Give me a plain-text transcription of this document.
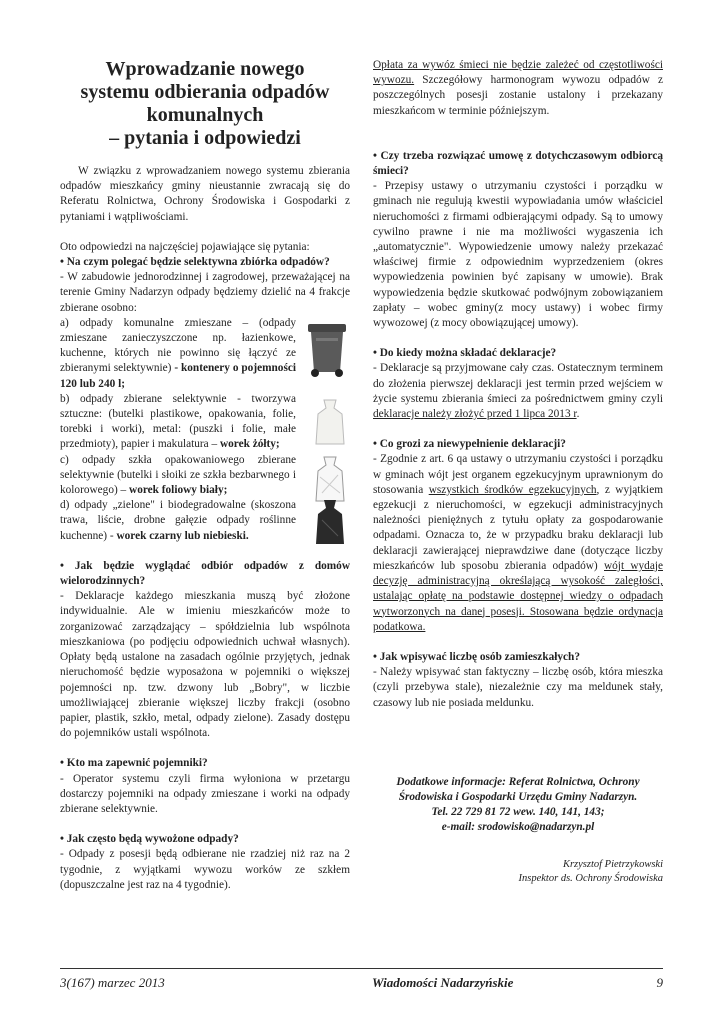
Wprowadzanie nowego
systemu odbierania odpadów
komunalnych
– pytania i odpowiedzi

W związku z wprowadzaniem nowego systemu zbierania odpadów mieszkańcy gminy nieustannie zwracają się do Referatu Rolnictwa, Ochrony Środowiska i Gospodarki z pytaniami i wątpliwościami.

Oto odpowiedzi na najczęściej pojawiające się pytania:

• Na czym polegać będzie selektywna zbiórka odpadów?

- W zabudowie jednorodzinnej i zagrodowej, przeważającej na terenie Gminy Nadarzyn odpady będziemy dzielić na 4 frakcje zbierane osobno:

a) odpady komunalne zmieszane – (odpady zmieszane zanieczyszczone np. łazienkowe, kuchenne, których nie powinno się łączyć ze zbieranymi selektywnie) - kontenery o pojemności 120 lub 240 l;
b) odpady zbierane selektywnie - tworzywa sztuczne: (butelki plastikowe, opakowania, folie, torebki i worki), metal: (puszki i folie, małe przedmioty), papier i makulatura – worek żółty;
c) odpady szkła opakowaniowego zbierane selektywnie (butelki i słoiki ze szkła bezbarwnego i kolorowego) – worek foliowy biały;
d) odpady „zielone" i biodegradowalne (skoszona trawa, liście, drobne gałęzie odpady roślinne kuchenne) - worek czarny lub niebieski.

• Jak będzie wyglądać odbiór odpadów z domów wielorodzinnych?

- Deklaracje każdego mieszkania muszą być złożone indywidualnie. Ale w imieniu mieszkańców może to zorganizować zarządzający – spółdzielnia lub wspólnota mieszkaniowa (po podjęciu odpowiednich uchwał własnych). Opłaty będą ustalone na zasadach ogólnie przyjętych, jednak nieruchomość będzie wyposażona w pojemniki o większej pojemności np. tzw. dzwony lub „Bobry", w liczbie umożliwiającej zbieranie większej liczby frakcji (osobno papier, plastik, szkło, metal, odpady zielone). Zasady dostępu do pojemników ustali wspólnota.

• Kto ma zapewnić pojemniki?

- Operator systemu czyli firma wyłoniona w przetargu dostarczy pojemniki na odpady zmieszane i worki na odpady zbierane selektywnie.

• Jak często będą wywożone odpady?

- Odpady z posesji będą odbierane nie rzadziej niż raz na 2 tygodnie, z wyjątkami wywozu worków ze szkłem (dopuszczalne jest raz na 4 tygodnie).

Opłata za wywóz śmieci nie będzie zależeć od częstotliwości wywozu. Szczegółowy harmonogram wywozu odpadów z poszczególnych posesji zostanie ustalony i przekazany mieszkańcom w terminie późniejszym.

• Czy trzeba rozwiązać umowę z dotychczasowym odbiorcą śmieci?

- Przepisy ustawy o utrzymaniu czystości i porządku w gminach nie regulują kwestii wypowiadania umów właściciel nieruchomości z firmami odbierającymi odpady. Są to umowy cywilno prawne i nie ma możliwości wygaszenia ich „automatycznie". Wypowiedzenie umowy należy przekazać właściwej firmie z odpowiednim wyprzedzeniem (okres wypowiedzenia powinien być zapisany w umowie). Brak wypowiedzenia będzie skutkować podwójnym zobowiązaniem zapłaty – wobec gminy(z mocy ustawy) i wobec firmy wywozowej (z mocy obowiązującej umowy).

• Do kiedy można składać deklaracje?

- Deklaracje są przyjmowane cały czas. Ostatecznym terminem do złożenia pierwszej deklaracji jest termin przed wejściem w życie systemu zbierania śmieci za pośrednictwem gminy czyli deklaracje należy złożyć przed 1 lipca 2013 r.

• Co grozi za niewypełnienie deklaracji?

- Zgodnie z art. 6 qa ustawy o utrzymaniu czystości i porządku w gminach wójt jest organem egzekucyjnym uprawnionym do stosowania wszystkich środków egzekucyjnych, z wyjątkiem egzekucji z nieruchomości, w egzekucji administracyjnych należności pieniężnych z tytułu opłaty za gospodarowanie odpadami. Oznacza to, że w przypadku braku deklaracji lub deklaracji zawierającej nieprawdziwe dane (dotyczące liczby mieszkańców lub sposobu zbierania odpadów) wójt wydaje decyzję administracyjną określającą wysokość zaległości, ustalając opłatę na podstawie dostępnej wiedzy o odpadach wytworzonych na danej posesji. Stosowana będzie ordynacja podatkowa.

• Jak wpisywać liczbę osób zamieszkałych?

- Należy wpisywać stan faktyczny – liczbę osób, która mieszka (czyli przebywa stale), niezależnie czy ma meldunek stały, czasowy lub nie posiada meldunku.

Dodatkowe informacje: Referat Rolnictwa, Ochrony
Środowiska i Gospodarki Urzędu Gminy Nadarzyn.
Tel. 22 729 81 72 wew. 140, 141, 143;
e-mail: srodowisko@nadarzyn.pl
Krzysztof Pietrzykowski
Inspektor ds. Ochrony Środowiska
3(167) marzec 2013	Wiadomości Nadarzyńskie	9
